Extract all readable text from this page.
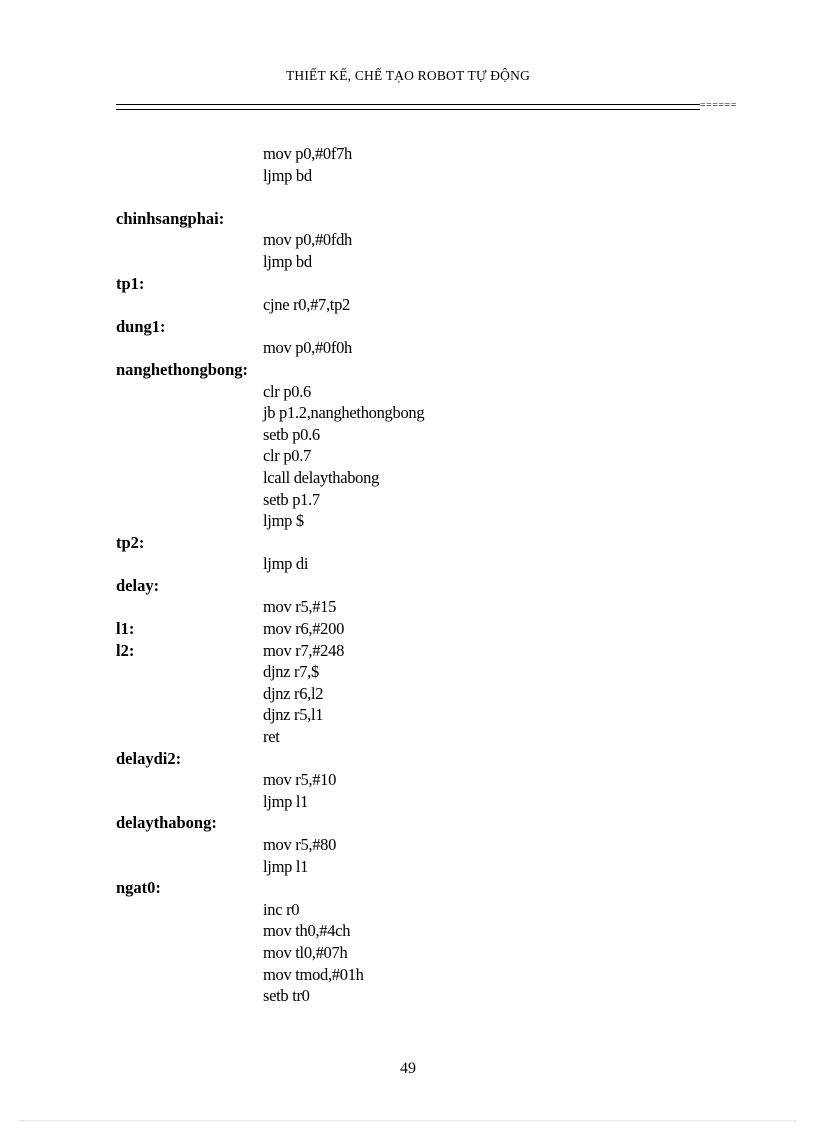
THIẾT KẾ, CHẾ TẠO ROBOT TỰ ĐỘNG
======
mov p0,#0f7h
ljmp bd
chinhsangphai:
mov p0,#0fdh
ljmp bd
tp1:
cjne r0,#7,tp2
dung1:
mov p0,#0f0h
nanghethongbong:
clr p0.6
jb p1.2,nanghethongbong
setb p0.6
clr p0.7
lcall delaythabong
setb p1.7
ljmp $
tp2:
ljmp di
delay:
mov r5,#15
l1:	mov r6,#200
l2:	mov r7,#248
djnz r7,$
djnz r6,l2
djnz r5,l1
ret
delaydi2:
mov r5,#10
ljmp l1
delaythabong:
mov r5,#80
ljmp l1
ngat0:
inc r0
mov th0,#4ch
mov tl0,#07h
mov tmod,#01h
setb tr0
49
